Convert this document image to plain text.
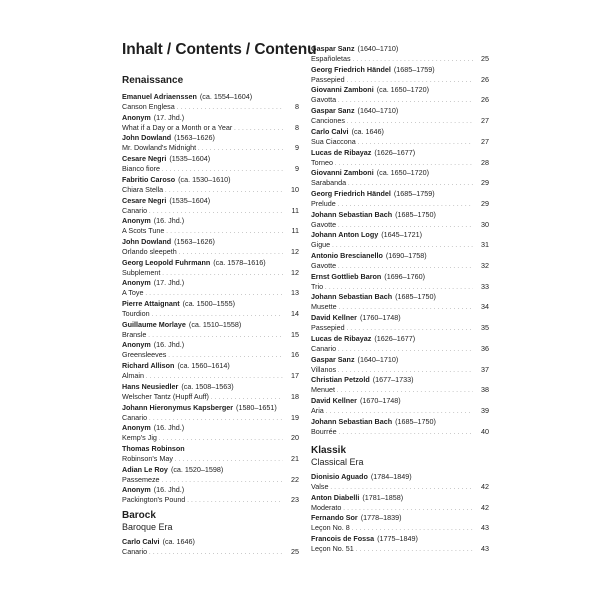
Inhalt / Contents / Contenu
Renaissance
Emanuel Adriaenssen (ca. 1554–1604)
Canson Englesa . . .	8
Anonym (17. Jhd.)
What if a Day or a Month or a Year . . .	8
John Dowland (1563–1626)
Mr. Dowland's Midnight . . .	9
Cesare Negri (1535–1604)
Bianco fiore . . .	9
Fabritio Caroso (ca. 1530–1610)
Chiara Stella . . .	10
Cesare Negri (1535–1604)
Canario . . .	11
Anonym (16. Jhd.)
A Scots Tune . . .	11
John Dowland (1563–1626)
Orlando sleepeth . . .	12
Georg Leopold Fuhrmann (ca. 1578–1616)
Subplement . . .	12
Anonym (17. Jhd.)
A Toye . . .	13
Pierre Attaignant (ca. 1500–1555)
Tourdion . . .	14
Guillaume Morlaye (ca. 1510–1558)
Bransle . . .	15
Anonym (16. Jhd.)
Greensleeves . . .	16
Richard Allison (ca. 1560–1614)
Almain . . .	17
Hans Neusiedler (ca. 1508–1563)
Welscher Tantz (Hupff Auff) . . .	18
Johann Hieronymus Kapsberger (1580–1651)
Canario . . .	19
Anonym (16. Jhd.)
Kemp's Jig . . .	20
Thomas Robinson
Robinson's May . . .	21
Adian Le Roy (ca. 1520–1598)
Passemeze . . .	22
Anonym (16. Jhd.)
Packington's Pound . . .	23
Barock
Baroque Era
Carlo Calvi (ca. 1646)
Canario . . .	25
Gaspar Sanz (1640–1710)
Españoletas . . .	25
Georg Friedrich Händel (1685–1759)
Passepied . . .	26
Giovanni Zamboni (ca. 1650–1720)
Gavotta . . .	26
Gaspar Sanz (1640–1710)
Canciones . . .	27
Carlo Calvi (ca. 1646)
Sua Ciaccona . . .	27
Lucas de Ribayaz (1626–1677)
Torneo . . .	28
Giovanni Zamboni (ca. 1650–1720)
Sarabanda . . .	29
Georg Friedrich Händel (1685–1759)
Prelude . . .	29
Johann Sebastian Bach (1685–1750)
Gavotte . . .	30
Johann Anton Logy (1645–1721)
Gigue . . .	31
Antonio Brescianello (1690–1758)
Gavotte . . .	32
Ernst Gottlieb Baron (1696–1760)
Trio . . .	33
Johann Sebastian Bach (1685–1750)
Musette . . .	34
David Kellner (1760–1748)
Passepied . . .	35
Lucas de Ribayaz (1626–1677)
Canario . . .	36
Gaspar Sanz (1640–1710)
Villanos . . .	37
Christian Petzold (1677–1733)
Menuet . . .	38
David Kellner (1670–1748)
Aria . . .	39
Johann Sebastian Bach (1685–1750)
Bourrée . . .	40
Klassik
Classical Era
Dionisio Aguado (1784–1849)
Valse . . .	42
Anton Diabelli (1781–1858)
Moderato . . .	42
Fernando Sor (1778–1839)
Leçon No. 8 . . .	43
Francois de Fossa (1775–1849)
Leçon No. 51 . . .	43
